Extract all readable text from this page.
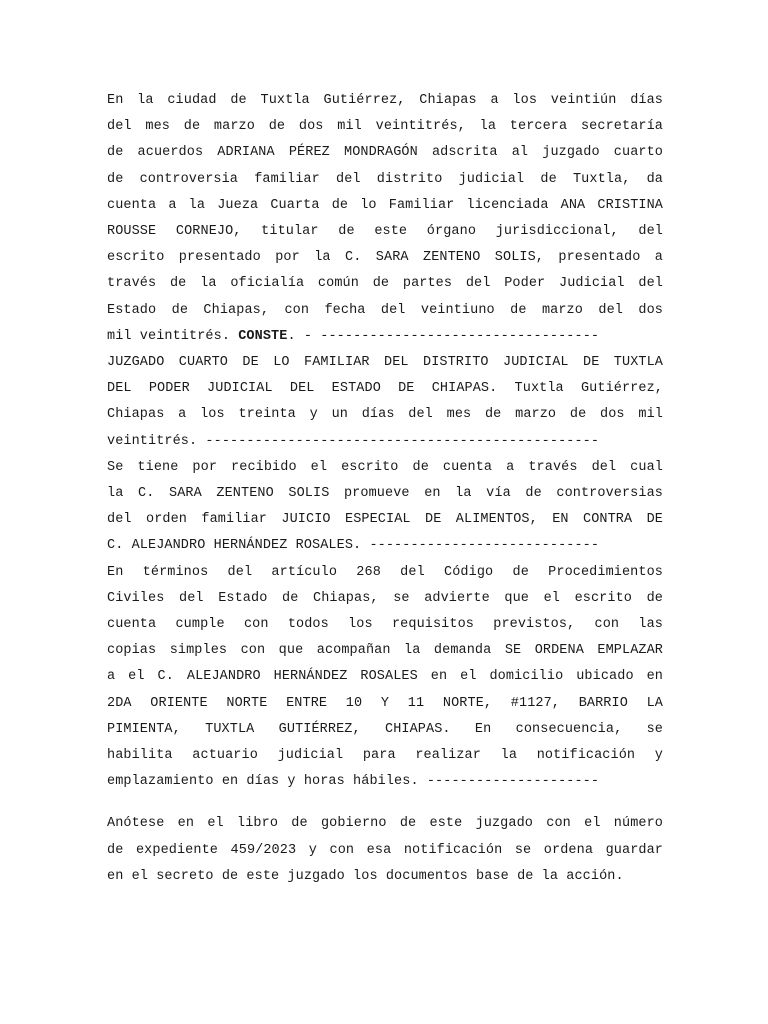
En la ciudad de Tuxtla Gutiérrez, Chiapas a los veintiún días
del mes de marzo de dos mil veintitrés, la tercera secretaría
de acuerdos ADRIANA PÉREZ MONDRAGÓN adscrita al juzgado cuarto
de controversia familiar del distrito judicial de Tuxtla, da
cuenta a la Jueza Cuarta de lo Familiar licenciada ANA CRISTINA
ROUSSE CORNEJO, titular de este órgano jurisdiccional, del
escrito presentado por la C. SARA ZENTENO SOLIS, presentado a
través de la oficialía común de partes del Poder Judicial del
Estado de Chiapas, con fecha del veintiuno de marzo del dos
mil veintitrés. CONSTE. - ----------------------------------
JUZGADO CUARTO DE LO FAMILIAR DEL DISTRITO JUDICIAL DE TUXTLA
DEL PODER JUDICIAL DEL ESTADO DE CHIAPAS. Tuxtla Gutiérrez,
Chiapas a los treinta y un días del mes de marzo de dos mil
veintitrés. ------------------------------------------------
Se tiene por recibido el escrito de cuenta a través del cual
la C. SARA ZENTENO SOLIS promueve en la vía de controversias
del orden familiar JUICIO ESPECIAL DE ALIMENTOS, EN CONTRA DE
C. ALEJANDRO HERNÁNDEZ ROSALES. ----------------------------
En términos del artículo 268 del Código de Procedimientos
Civiles del Estado de Chiapas, se advierte que el escrito de
cuenta cumple con todos los requisitos previstos, con las
copias simples con que acompañan la demanda SE ORDENA EMPLAZAR
a el C. ALEJANDRO HERNÁNDEZ ROSALES en el domicilio ubicado en
2DA ORIENTE NORTE ENTRE 10 Y 11 NORTE, #1127, BARRIO LA
PIMIENTA, TUXTLA GUTIÉRREZ, CHIAPAS. En consecuencia, se
habilita actuario judicial para realizar la notificación y
emplazamiento en días y horas hábiles. ---------------------
Anótese en el libro de gobierno de este juzgado con el número
de expediente 459/2023 y con esa notificación se ordena guardar
en el secreto de este juzgado los documentos base de la acción.
